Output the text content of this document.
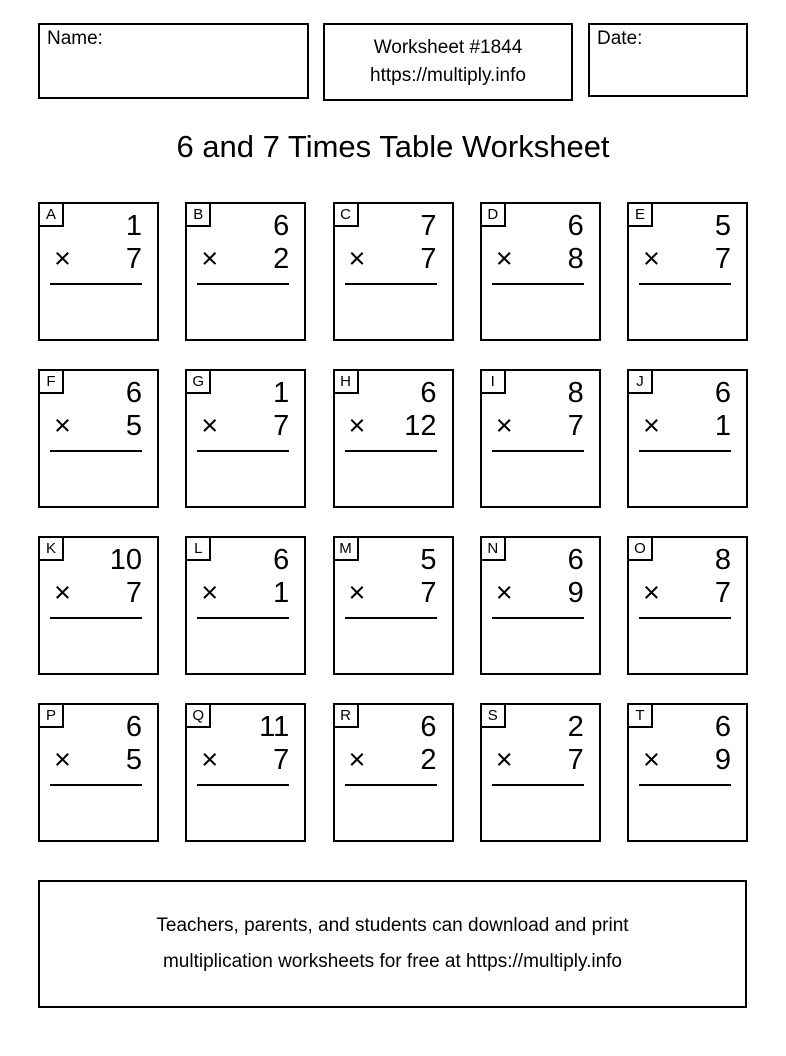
Name:	Worksheet #1844
https://multiply.info
Date:
6 and 7 Times Table Worksheet
A	1
× 7
B	6
× 2
C	7
× 7
D	6
× 8
E	5
× 7
F	6
× 5
G	1
× 7
H	6
× 12
I	8
× 7
J	6
× 1
K	10
× 7
L	6
× 1
M	5
× 7
N	6
× 9
O	8
× 7
P	6
× 5
Q	11
× 7
R	6
× 2
S	2
× 7
T	6
× 9
Teachers, parents, and students can download and print
multiplication worksheets for free at https://multiply.info
